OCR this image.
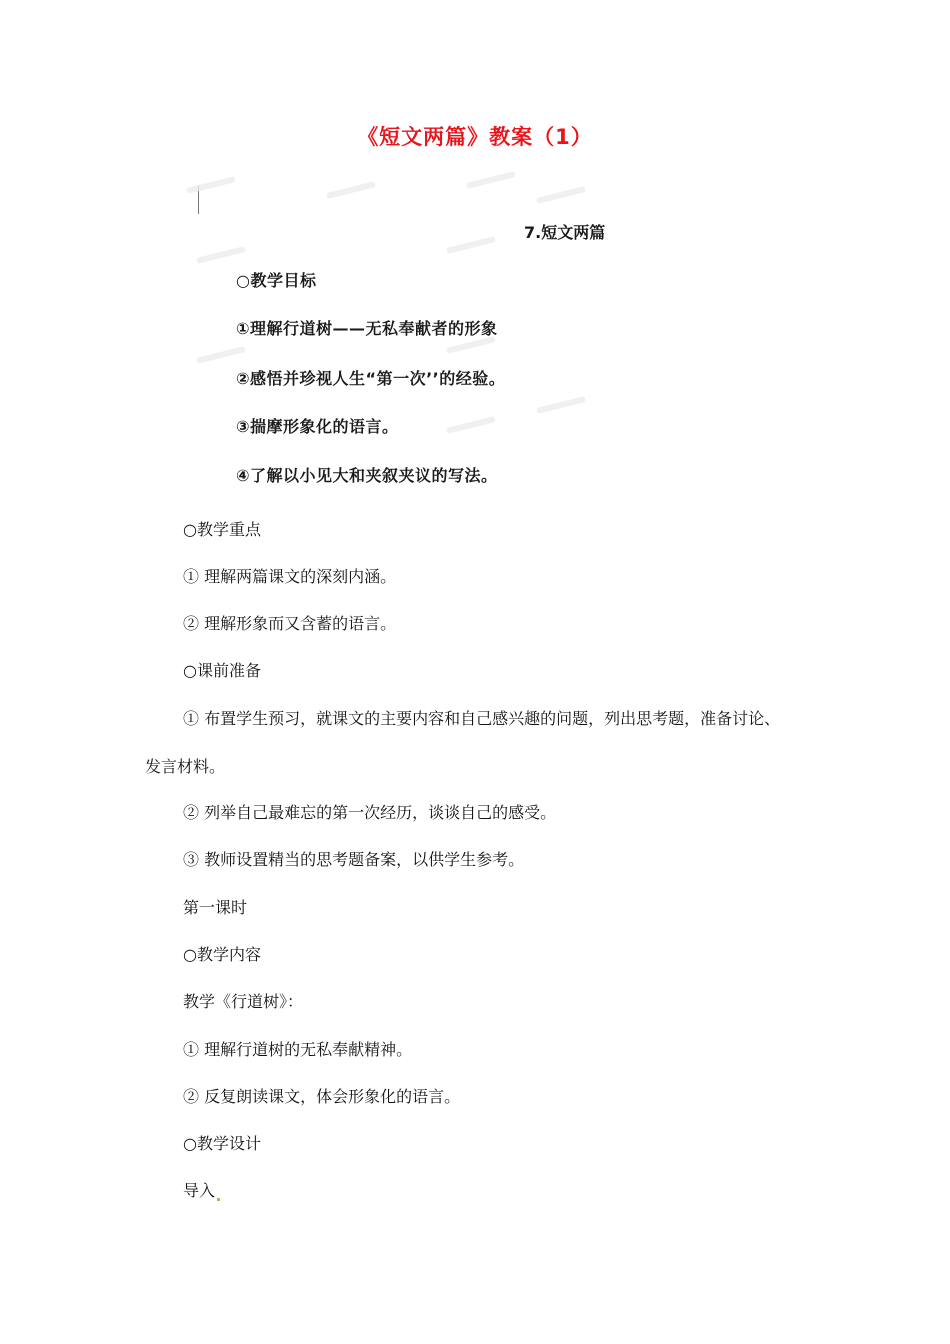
《短文两篇》教案（1）
7.短文两篇
○教学目标
①理解行道树——无私奉献者的形象
②感悟并珍视人生“第一次’’的经验。
③揣摩形象化的语言。
④了解以小见大和夹叙夹议的写法。
○教学重点
① 理解两篇课文的深刻内涵。
② 理解形象而又含蓄的语言。
○课前准备
① 布置学生预习，就课文的主要内容和自己感兴趣的问题，列出思考题，准备讨论、
发言材料。
② 列举自己最难忘的第一次经历，谈谈自己的感受。
③ 教师设置精当的思考题备案，以供学生参考。
第一课时
○教学内容
教学《行道树》：
① 理解行道树的无私奉献精神。
② 反复朗读课文，体会形象化的语言。
○教学设计
导入
